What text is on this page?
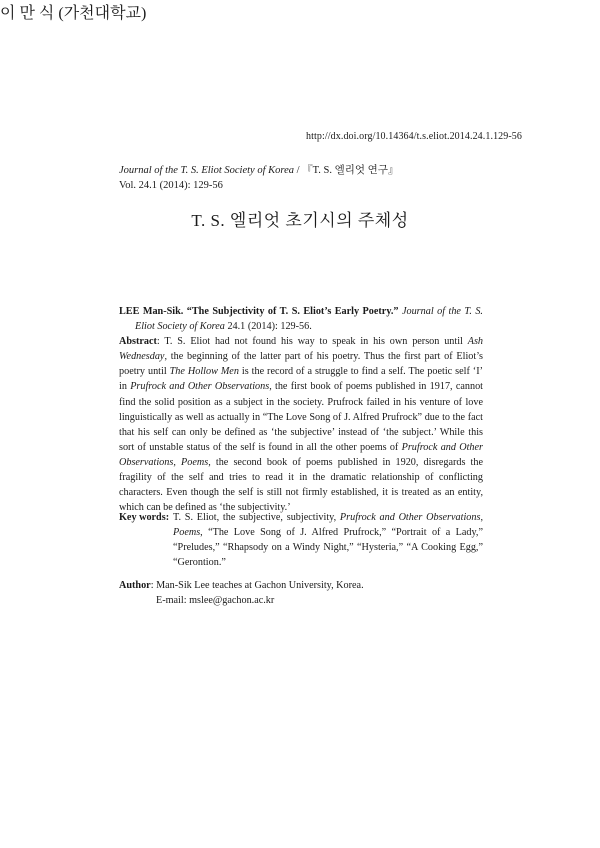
http://dx.doi.org/10.14364/t.s.eliot.2014.24.1.129-56
Journal of the T. S. Eliot Society of Korea / 『T. S. 엘리엇 연구』
Vol. 24.1 (2014): 129-56
T. S. 엘리엇 초기시의 주체성
이 만 식 (가천대학교)

LEE Man-Sik. “The Subjectivity of T. S. Eliot’s Early Poetry.” Journal of the T. S. Eliot Society of Korea 24.1 (2014): 129-56.

Abstract: T. S. Eliot had not found his way to speak in his own person until Ash Wednesday, the beginning of the latter part of his poetry. Thus the first part of Eliot’s poetry until The Hollow Men is the record of a struggle to find a self. The poetic self ‘I’ in Prufrock and Other Observations, the first book of poems published in 1917, cannot find the solid position as a subject in the society. Prufrock failed in his venture of love linguistically as well as actually in “The Love Song of J. Alfred Prufrock” due to the fact that his self can only be defined as ‘the subjective’ instead of ‘the subject.’ While this sort of unstable status of the self is found in all the other poems of Prufrock and Other Observations, Poems, the second book of poems published in 1920, disregards the fragility of the self and tries to read it in the dramatic relationship of conflicting characters. Even though the self is still not firmly established, it is treated as an entity, which can be defined as ‘the subjectivity.’

Key words: T. S. Eliot, the subjective, subjectivity, Prufrock and Other Observations, Poems, “The Love Song of J. Alfred Prufrock,” “Portrait of a Lady,” “Preludes,” “Rhapsody on a Windy Night,” “Hysteria,” “A Cooking Egg,” “Gerontion.”

Author: Man-Sik Lee teaches at Gachon University, Korea.
E-mail: mslee@gachon.ac.kr
